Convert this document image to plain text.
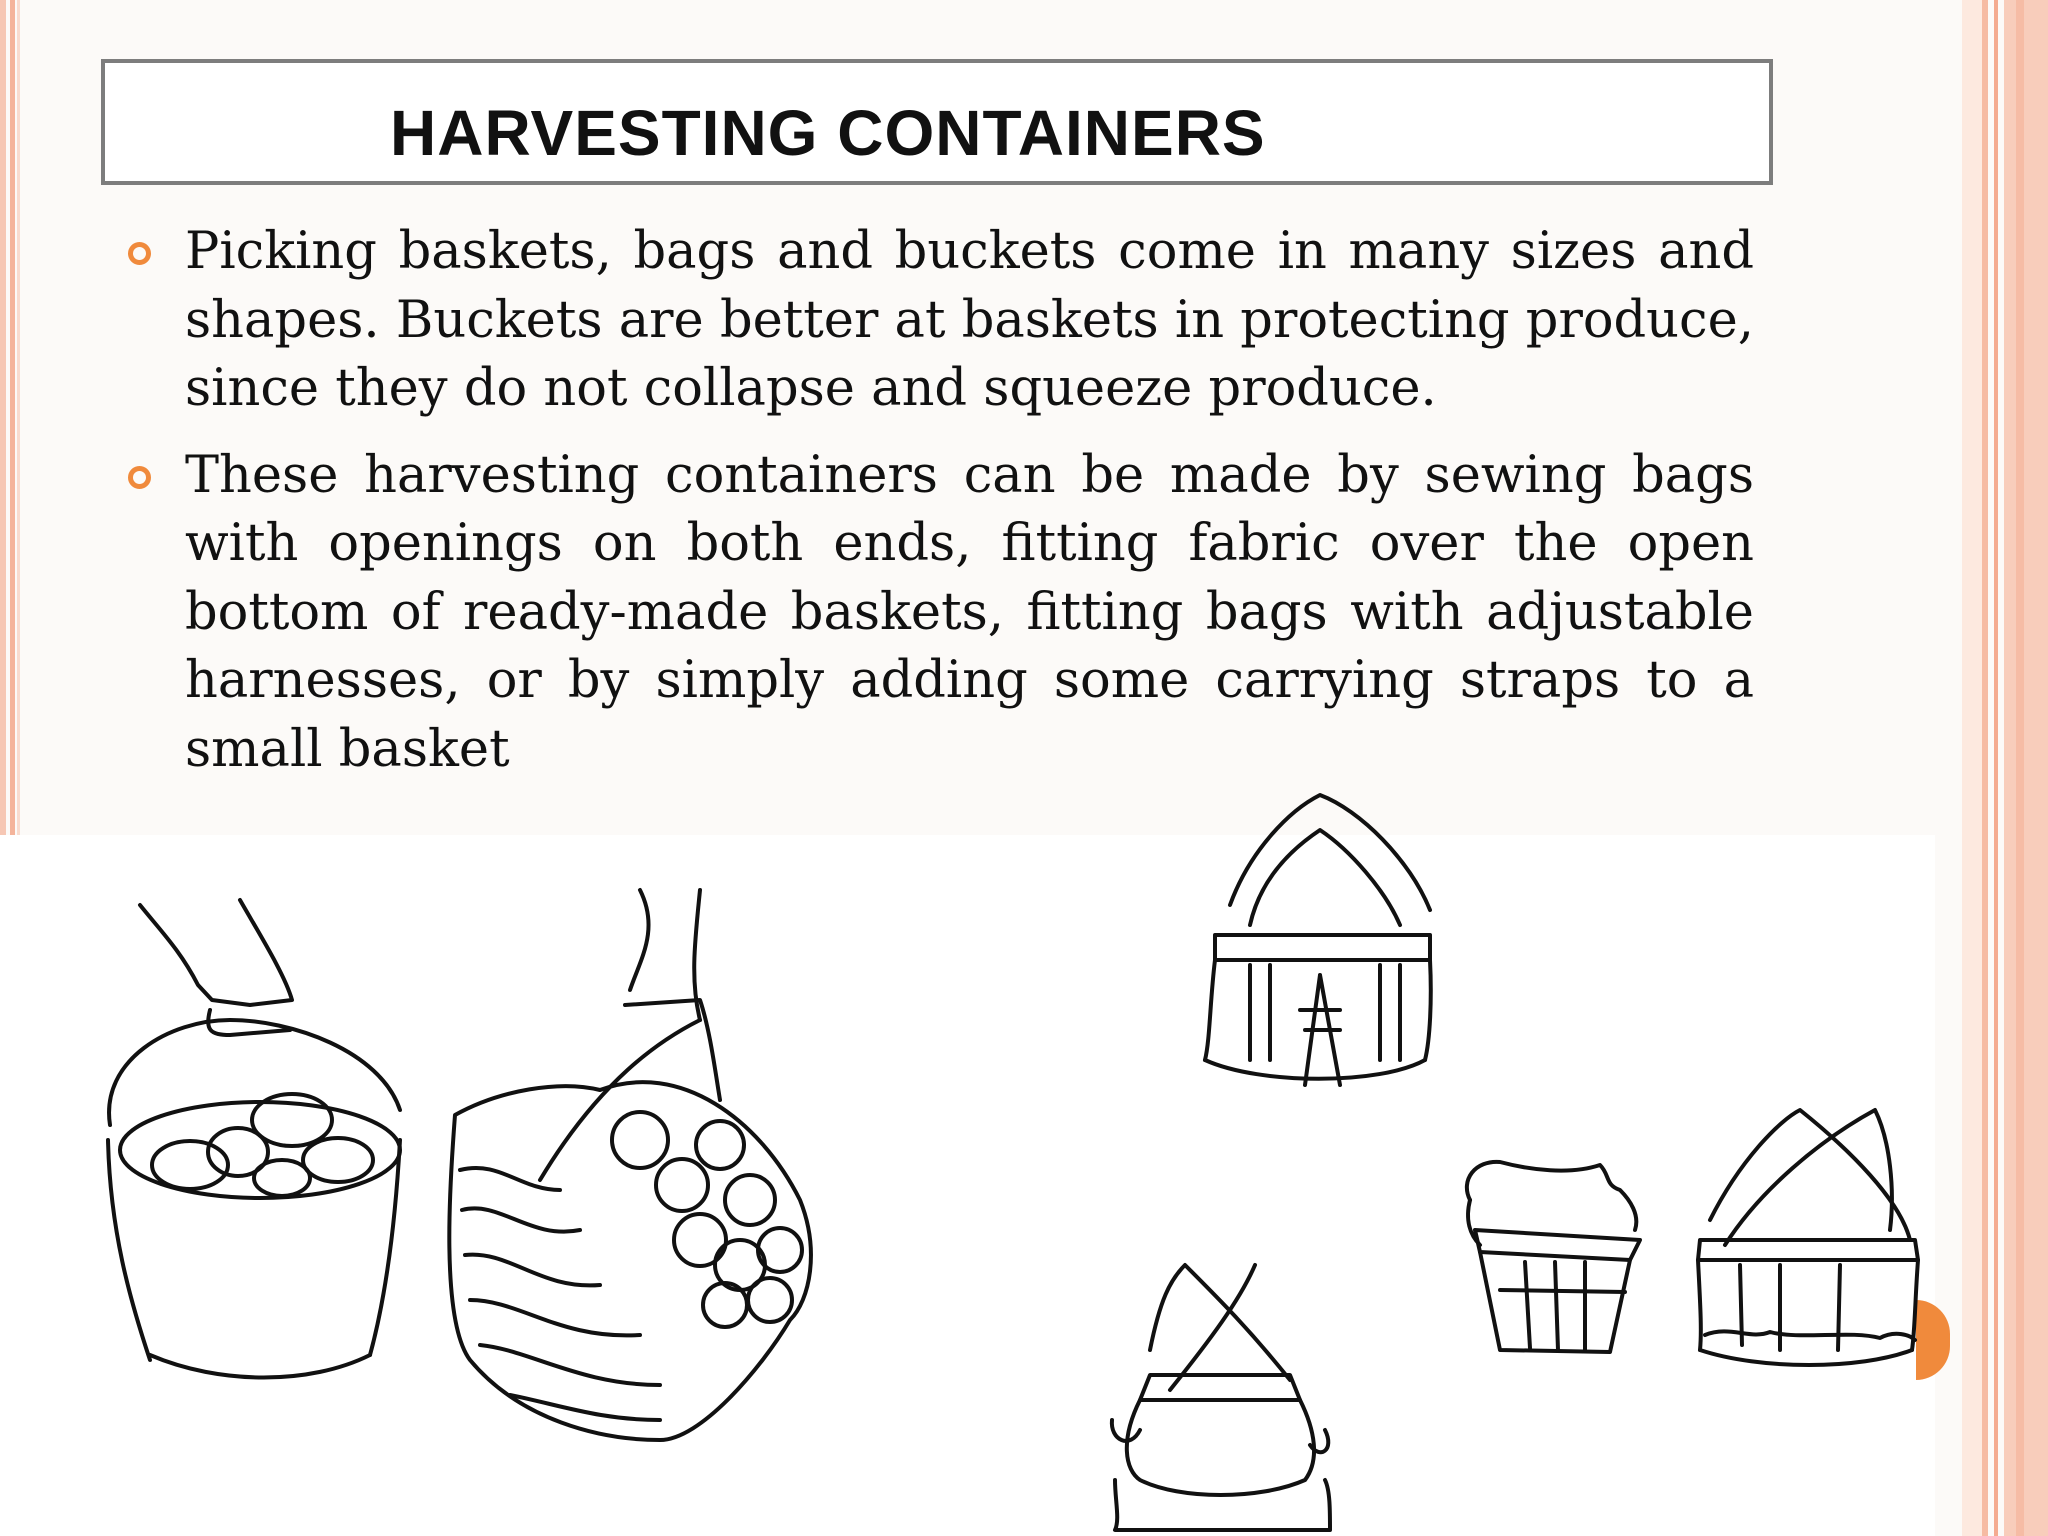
HARVESTING CONTAINERS
Picking baskets, bags and buckets come in many sizes and shapes. Buckets are better at baskets in protecting produce, since they do not collapse and squeeze produce.
These harvesting containers can be made by sewing bags with openings on both ends, fitting fabric over the open bottom of ready-made baskets, fitting bags with adjustable harnesses, or by simply adding some carrying straps to a small basket
